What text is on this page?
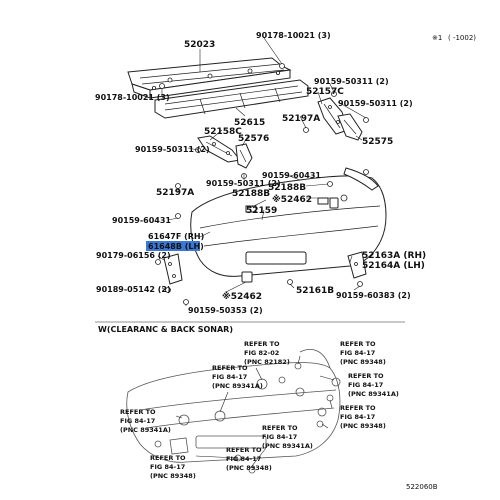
※1 ( -1002)
52023
90178-10021 (3)
90178-10021 (3)
90159-50311 (2)
52157C
90159-50311 (2)
52615 52197A
52158C
52576	52575
90159-50311 (2)
90159-60431
90159-50311 (2)
52188B
52197A	52188B
※52462
52159
90159-60431
61647F (RH)
61648B (LH)
90179-06156 (2)	52163A (RH)
52164A (LH)
90189-05142 (2)
※52462
52161B 90159-60383 (2)
90159-50353 (2)
W(CLEARANC & BACK SONAR)
REFER TO
FIG 84-17
(PNC 89341A)
REFER TO
FIG 82-02
(PNC 82182)
REFER TO
FIG 84-17
(PNC 89341A)
REFER TO
FIG 84-17
(PNC 89348)
REFER TO
FIG 84-17
(PNC 89341A)
REFER TO
FIG 84-17
(PNC 89348)
REFER TO
FIG 84-17
(PNC 89341A)
REFER TO
FIG 84-17
(PNC 89348)
REFER TO
FIG 84-17
(PNC 89348)
522060B
